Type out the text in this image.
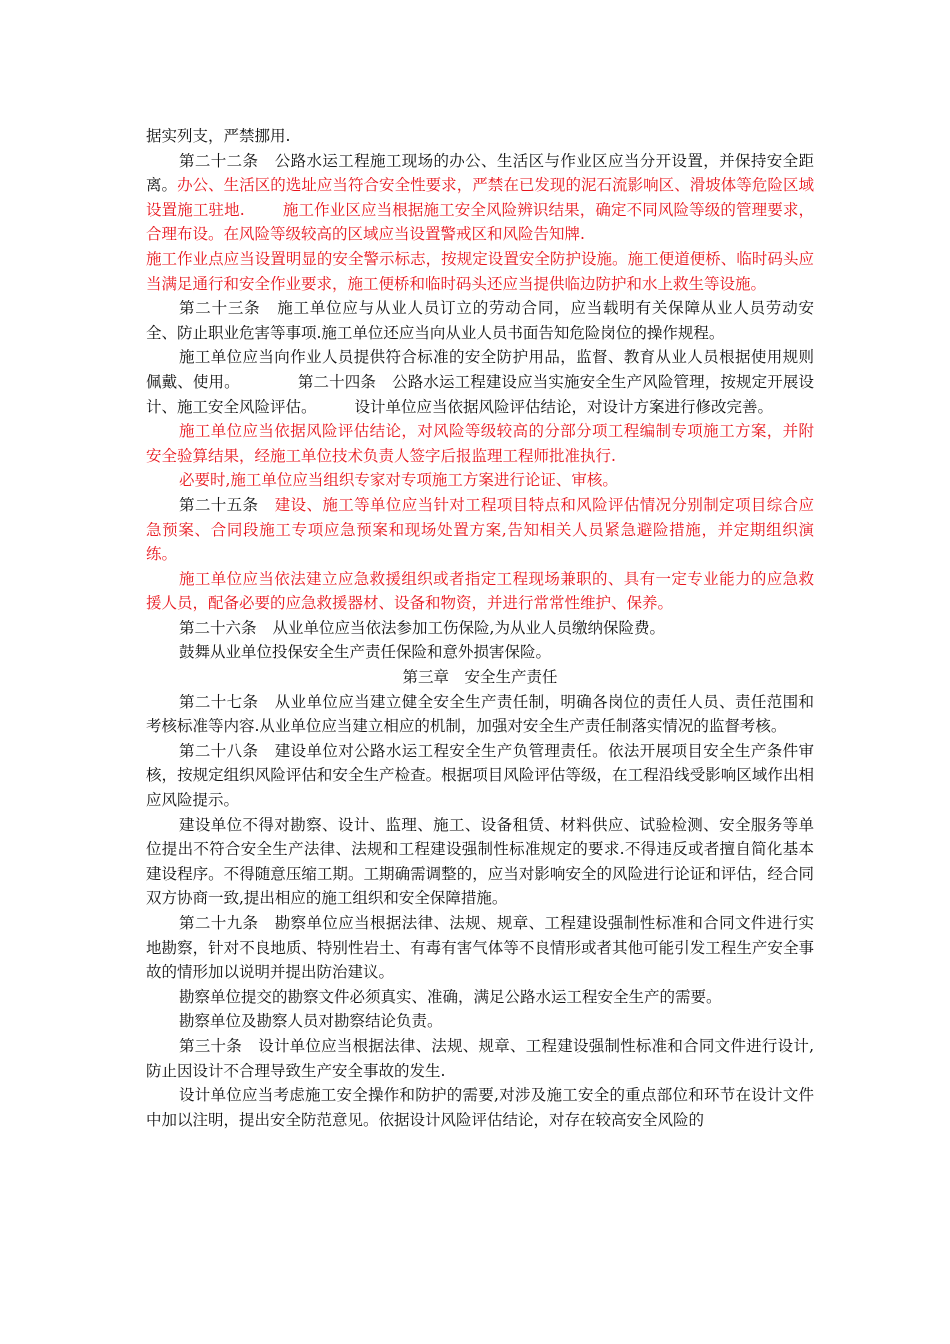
据实列支，严禁挪用.

第二十二条 公路水运工程施工现场的办公、生活区与作业区应当分开设置，并保持安全距离。办公、生活区的选址应当符合安全性要求，严禁在已发现的泥石流影响区、滑坡体等危险区域设置施工驻地. 施工作业区应当根据施工安全风险辨识结果，确定不同风险等级的管理要求，合理布设。在风险等级较高的区域应当设置警戒区和风险告知牌.

施工作业点应当设置明显的安全警示标志，按规定设置安全防护设施。施工便道便桥、临时码头应当满足通行和安全作业要求，施工便桥和临时码头还应当提供临边防护和水上救生等设施。

第二十三条 施工单位应与从业人员订立的劳动合同，应当载明有关保障从业人员劳动安全、防止职业危害等事项.施工单位还应当向从业人员书面告知危险岗位的操作规程。

施工单位应当向作业人员提供符合标准的安全防护用品，监督、教育从业人员根据使用规则佩戴、使用。	第二十四条 公路水运工程建设应当实施安全生产风险管理，按规定开展设计、施工安全风险评估。 设计单位应当依据风险评估结论，对设计方案进行修改完善。

施工单位应当依据风险评估结论，对风险等级较高的分部分项工程编制专项施工方案，并附安全验算结果，经施工单位技术负责人签字后报监理工程师批准执行.

必要时,施工单位应当组织专家对专项施工方案进行论证、审核。

第二十五条 建设、施工等单位应当针对工程项目特点和风险评估情况分别制定项目综合应急预案、合同段施工专项应急预案和现场处置方案,告知相关人员紧急避险措施，并定期组织演练。

施工单位应当依法建立应急救援组织或者指定工程现场兼职的、具有一定专业能力的应急救援人员，配备必要的应急救援器材、设备和物资，并进行常常性维护、保养。

第二十六条 从业单位应当依法参加工伤保险,为从业人员缴纳保险费。

鼓舞从业单位投保安全生产责任保险和意外损害保险。

第三章　安全生产责任

第二十七条 从业单位应当建立健全安全生产责任制，明确各岗位的责任人员、责任范围和考核标准等内容.从业单位应当建立相应的机制，加强对安全生产责任制落实情况的监督考核。

第二十八条 建设单位对公路水运工程安全生产负管理责任。依法开展项目安全生产条件审核，按规定组织风险评估和安全生产检查。根据项目风险评估等级，在工程沿线受影响区域作出相应风险提示。

建设单位不得对勘察、设计、监理、施工、设备租赁、材料供应、试验检测、安全服务等单位提出不符合安全生产法律、法规和工程建设强制性标准规定的要求.不得违反或者擅自简化基本建设程序。不得随意压缩工期。工期确需调整的，应当对影响安全的风险进行论证和评估，经合同双方协商一致,提出相应的施工组织和安全保障措施。

第二十九条 勘察单位应当根据法律、法规、规章、工程建设强制性标准和合同文件进行实地勘察，针对不良地质、特别性岩土、有毒有害气体等不良情形或者其他可能引发工程生产安全事故的情形加以说明并提出防治建议。

勘察单位提交的勘察文件必须真实、准确，满足公路水运工程安全生产的需要。

勘察单位及勘察人员对勘察结论负责。

第三十条 设计单位应当根据法律、法规、规章、工程建设强制性标准和合同文件进行设计,防止因设计不合理导致生产安全事故的发生.

设计单位应当考虑施工安全操作和防护的需要,对涉及施工安全的重点部位和环节在设计文件中加以注明，提出安全防范意见。依据设计风险评估结论，对存在较高安全风险的
